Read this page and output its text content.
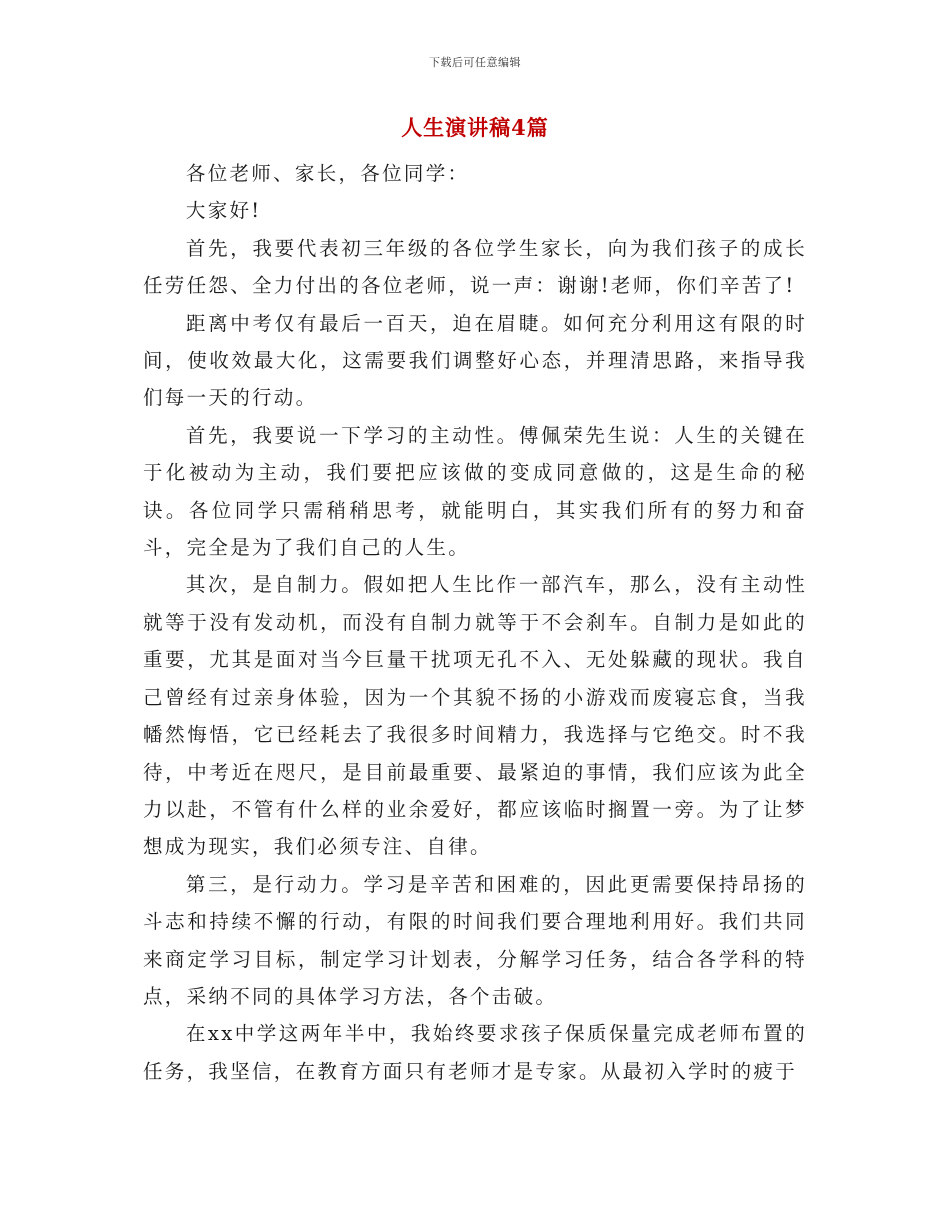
下载后可任意编辑
人生演讲稿4篇

各位老师、家长，各位同学：

大家好!

首先，我要代表初三年级的各位学生家长，向为我们孩子的成长任劳任怨、全力付出的各位老师，说一声：谢谢!老师，你们辛苦了!

距离中考仅有最后一百天，迫在眉睫。如何充分利用这有限的时间，使收效最大化，这需要我们调整好心态，并理清思路，来指导我们每一天的行动。

首先，我要说一下学习的主动性。傅佩荣先生说：人生的关键在于化被动为主动，我们要把应该做的变成同意做的，这是生命的秘诀。各位同学只需稍稍思考，就能明白，其实我们所有的努力和奋斗，完全是为了我们自己的人生。

其次，是自制力。假如把人生比作一部汽车，那么，没有主动性就等于没有发动机，而没有自制力就等于不会刹车。自制力是如此的重要，尤其是面对当今巨量干扰项无孔不入、无处躲藏的现状。我自己曾经有过亲身体验，因为一个其貌不扬的小游戏而废寝忘食，当我幡然悔悟，它已经耗去了我很多时间精力，我选择与它绝交。时不我待，中考近在咫尺，是目前最重要、最紧迫的事情，我们应该为此全力以赴，不管有什么样的业余爱好，都应该临时搁置一旁。为了让梦想成为现实，我们必须专注、自律。

第三，是行动力。学习是辛苦和困难的，因此更需要保持昂扬的斗志和持续不懈的行动，有限的时间我们要合理地利用好。我们共同来商定学习目标，制定学习计划表，分解学习任务，结合各学科的特点，采纳不同的具体学习方法，各个击破。

在xx中学这两年半中，我始终要求孩子保质保量完成老师布置的任务，我坚信，在教育方面只有老师才是专家。从最初入学时的疲于
